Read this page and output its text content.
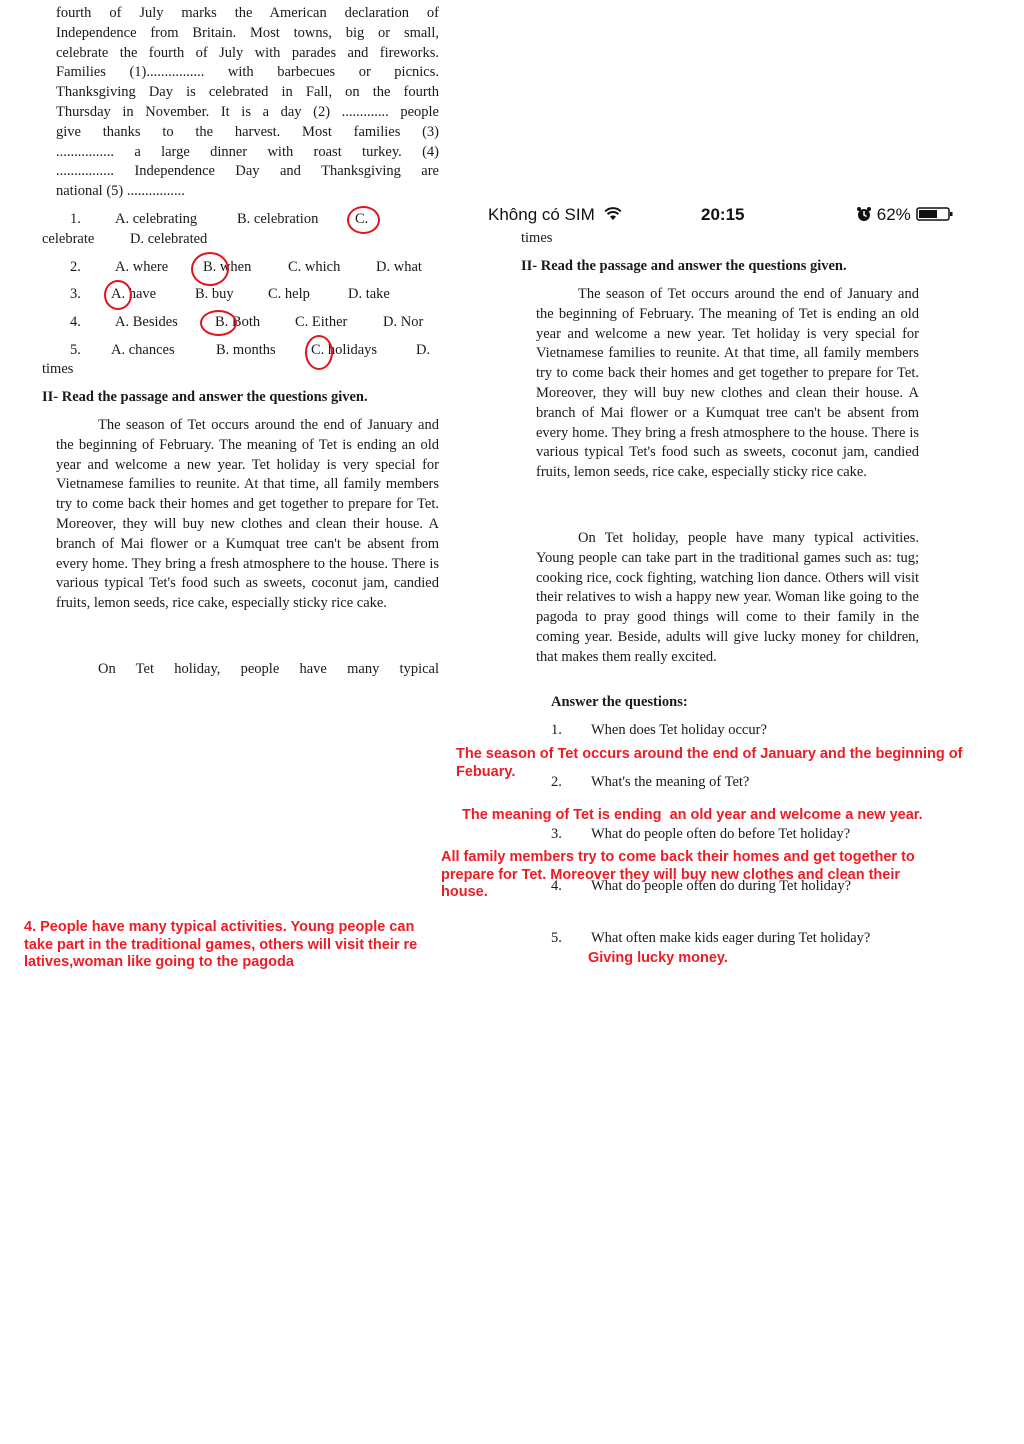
fourth of July marks the American declaration of
Independence from Britain. Most towns, big or small,
celebrate the fourth of July with parades and fireworks.
Families (1)................ with barbecues or picnics.
Thanksgiving Day is celebrated in Fall, on the fourth
Thursday in November. It is a day (2) ............. people
give thanks to the harvest. Most families (3)
................ a large dinner with roast turkey. (4)
................ Independence Day and Thanksgiving are
national (5) ................
1. A. celebrating	B. celebration	C.
celebrate D. celebrated
2. A. where B. when	C. which D. what
3. A. have	B. buy C. help	D. take
4. A. Besides	B. Both C. Either D. Nor
5. A. chances	B. months C. holidays	D.
times
II- Read the passage and answer the questions given.

The season of Tet occurs around the end of January and the beginning of February. The meaning of Tet is ending an old year and welcome a new year. Tet holiday is very special for Vietnamese families to reunite. At that time, all family members try to come back their homes and get together to prepare for Tet. Moreover, they will buy new clothes and clean their house. A branch of Mai flower or a Kumquat tree can't be absent from every home. They bring a fresh atmosphere to the house. There is various typical Tet's food such as sweets, coconut jam, candied fruits, lemon seeds, rice cake, especially sticky rice cake.

On Tet holiday, people have many typical

Không có SIM	20:15	62%
times
II- Read the passage and answer the questions given.

The season of Tet occurs around the end of January and the beginning of February. The meaning of Tet is ending an old year and welcome a new year. Tet holiday is very special for Vietnamese families to reunite. At that time, all family members try to come back their homes and get together to prepare for Tet. Moreover, they will buy new clothes and clean their house. A branch of Mai flower or a Kumquat tree can't be absent from every home. They bring a fresh atmosphere to the house. There is various typical Tet's food such as sweets, coconut jam, candied fruits, lemon seeds, rice cake, especially sticky rice cake.

On Tet holiday, people have many typical activities. Young people can take part in the traditional games such as: tug; cooking rice, cock fighting, watching lion dance. Others will visit their relatives to wish a happy new year. Woman like going to the pagoda to pray good things will come to their family in the coming year. Beside, adults will give lucky money for children, that makes them really excited.

Answer the questions:
1. When does Tet holiday occur?
2. What's the meaning of Tet?
3. What do people often do before Tet holiday?
4. What do people often do during Tet holiday?
5. What often make kids eager during Tet holiday?
The season of Tet occurs around the end of January and the beginning of Febuary.
The meaning of Tet is ending  an old year and welcome a new year.
All family members try to come back their homes and get together to prepare for Tet. Moreover they will buy new clothes and clean their house.
4. People have many typical activities. Young people can take part in the traditional games, others will visit their re latives,woman like going to the pagoda	Giving lucky money.
